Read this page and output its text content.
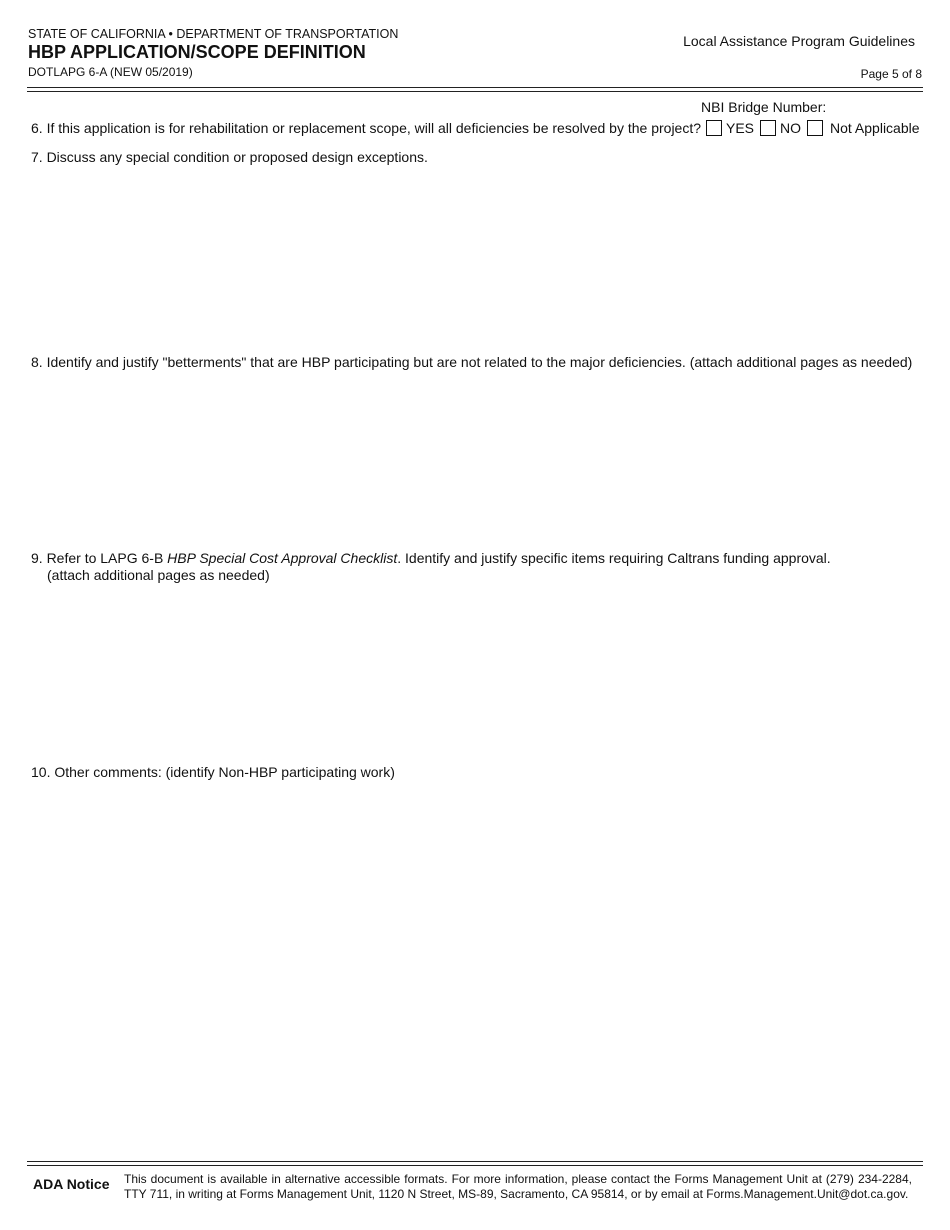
STATE OF CALIFORNIA • DEPARTMENT OF TRANSPORTATION
HBP APPLICATION/SCOPE DEFINITION
DOTLAPG 6-A (NEW 05/2019)
Local Assistance Program Guidelines
Page 5 of 8
NBI Bridge Number:
6. If this application is for rehabilitation or replacement scope, will all deficiencies be resolved by the project? YES NO Not Applicable
7. Discuss any special condition or proposed design exceptions.
8. Identify and justify "betterments" that are HBP participating but are not related to the major deficiencies. (attach additional pages as needed)
9. Refer to LAPG 6-B HBP Special Cost Approval Checklist. Identify and justify specific items requiring Caltrans funding approval.
(attach additional pages as needed)
10. Other comments: (identify Non-HBP participating work)
ADA Notice This document is available in alternative accessible formats. For more information, please contact the Forms Management Unit at (279) 234-2284, TTY 711, in writing at Forms Management Unit, 1120 N Street, MS-89, Sacramento, CA 95814, or by email at Forms.Management.Unit@dot.ca.gov.
